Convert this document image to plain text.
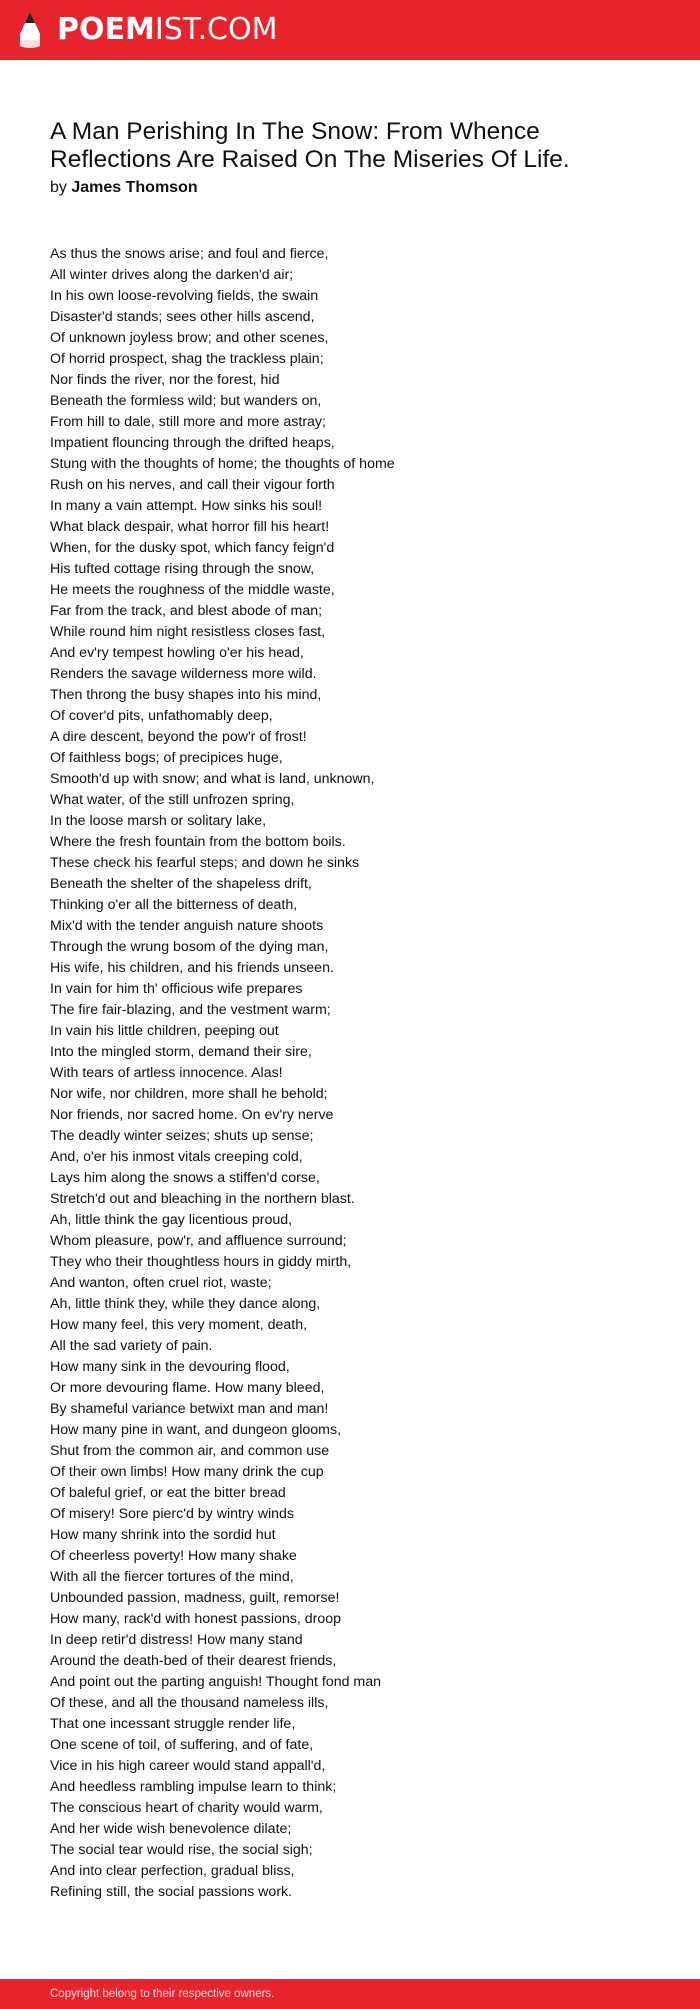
POEMIST.COM
A Man Perishing In The Snow: From Whence Reflections Are Raised On The Miseries Of Life.
by James Thomson
As thus the snows arise; and foul and fierce,
All winter drives along the darken'd air;
In his own loose-revolving fields, the swain
Disaster'd stands; sees other hills ascend,
Of unknown joyless brow; and other scenes,
Of horrid prospect, shag the trackless plain;
Nor finds the river, nor the forest, hid
Beneath the formless wild; but wanders on,
From hill to dale, still more and more astray;
Impatient flouncing through the drifted heaps,
Stung with the thoughts of home; the thoughts of home
Rush on his nerves, and call their vigour forth
In many a vain attempt. How sinks his soul!
What black despair, what horror fill his heart!
When, for the dusky spot, which fancy feign'd
His tufted cottage rising through the snow,
He meets the roughness of the middle waste,
Far from the track, and blest abode of man;
While round him night resistless closes fast,
And ev'ry tempest howling o'er his head,
Renders the savage wilderness more wild.
Then throng the busy shapes into his mind,
Of cover'd pits, unfathomably deep,
A dire descent, beyond the pow'r of frost!
Of faithless bogs; of precipices huge,
Smooth'd up with snow; and what is land, unknown,
What water, of the still unfrozen spring,
In the loose marsh or solitary lake,
Where the fresh fountain from the bottom boils.
These check his fearful steps; and down he sinks
Beneath the shelter of the shapeless drift,
Thinking o'er all the bitterness of death,
Mix'd with the tender anguish nature shoots
Through the wrung bosom of the dying man,
His wife, his children, and his friends unseen.
In vain for him th' officious wife prepares
The fire fair-blazing, and the vestment warm;
In vain his little children, peeping out
Into the mingled storm, demand their sire,
With tears of artless innocence. Alas!
Nor wife, nor children, more shall he behold;
Nor friends, nor sacred home. On ev'ry nerve
The deadly winter seizes; shuts up sense;
And, o'er his inmost vitals creeping cold,
Lays him along the snows a stiffen'd corse,
Stretch'd out and bleaching in the northern blast.
Ah, little think the gay licentious proud,
Whom pleasure, pow'r, and affluence surround;
They who their thoughtless hours in giddy mirth,
And wanton, often cruel riot, waste;
Ah, little think they, while they dance along,
How many feel, this very moment, death,
All the sad variety of pain.
How many sink in the devouring flood,
Or more devouring flame. How many bleed,
By shameful variance betwixt man and man!
How many pine in want, and dungeon glooms,
Shut from the common air, and common use
Of their own limbs! How many drink the cup
Of baleful grief, or eat the bitter bread
Of misery! Sore pierc'd by wintry winds
How many shrink into the sordid hut
Of cheerless poverty! How many shake
With all the fiercer tortures of the mind,
Unbounded passion, madness, guilt, remorse!
How many, rack'd with honest passions, droop
In deep retir'd distress! How many stand
Around the death-bed of their dearest friends,
And point out the parting anguish! Thought fond man
Of these, and all the thousand nameless ills,
That one incessant struggle render life,
One scene of toil, of suffering, and of fate,
Vice in his high career would stand appall'd,
And heedless rambling impulse learn to think;
The conscious heart of charity would warm,
And her wide wish benevolence dilate;
The social tear would rise, the social sigh;
And into clear perfection, gradual bliss,
Refining still, the social passions work.
Copyright belong to their respective owners.
